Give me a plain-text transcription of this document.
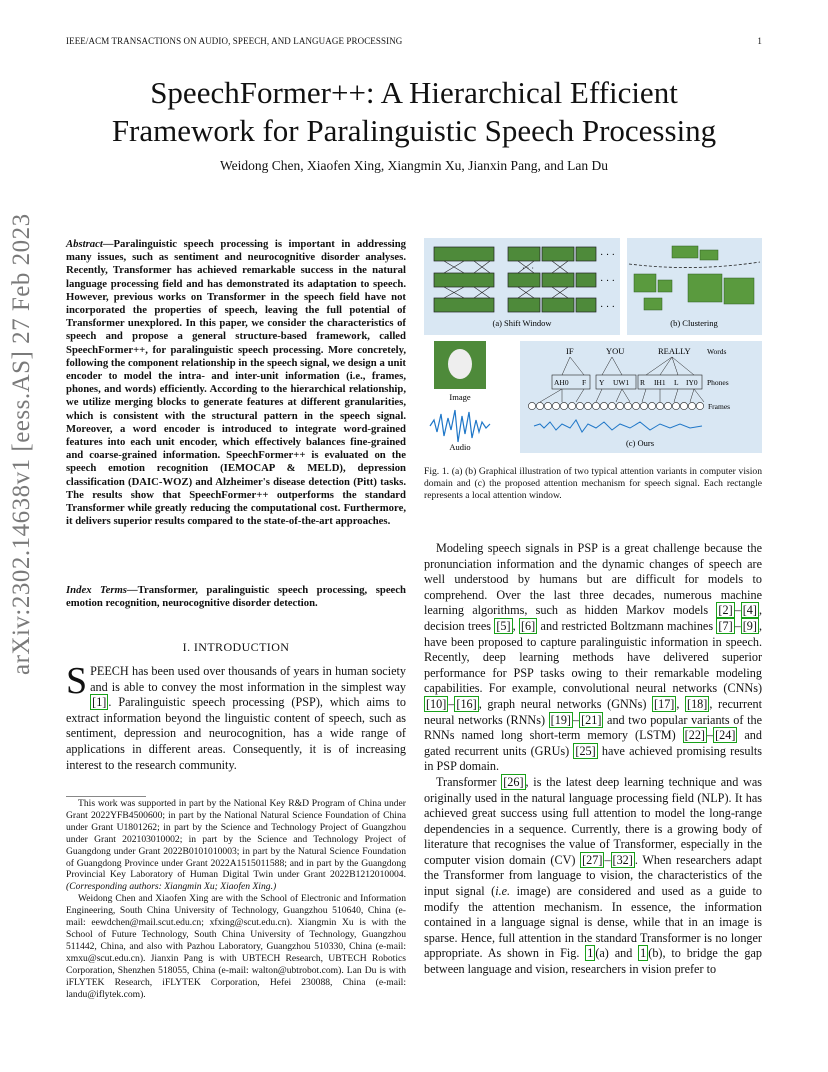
IEEE/ACM TRANSACTIONS ON AUDIO, SPEECH, AND LANGUAGE PROCESSING	1
SpeechFormer++: A Hierarchical Efficient
Framework for Paralinguistic Speech Processing
Weidong Chen, Xiaofen Xing, Xiangmin Xu, Jianxin Pang, and Lan Du
arXiv:2302.14638v1 [eess.AS] 27 Feb 2023	Abstract—Paralinguistic speech processing is important in addressing many issues, such as sentiment and neurocognitive disorder analyses. Recently, Transformer has achieved remarkable success in the natural language processing field and has demonstrated its adaptation to speech. However, previous works on Transformer in the speech field have not incorporated the properties of speech, leaving the full potential of Transformer unexplored. In this paper, we consider the characteristics of speech and propose a general structure-based framework, called SpeechFormer++, for paralinguistic speech processing. More concretely, following the component relationship in the speech signal, we design a unit encoder to model the intra- and inter-unit information (i.e., frames, phones, and words) efficiently. According to the hierarchical relationship, we utilize merging blocks to generate features at different granularities, which is consistent with the structural pattern in the speech signal. Moreover, a word encoder is introduced to integrate word-grained features into each unit encoder, which effectively balances fine-grained and coarse-grained information. SpeechFormer++ is evaluated on the speech emotion recognition (IEMOCAP & MELD), depression classification (DAIC-WOZ) and Alzheimer's disease detection (Pitt) tasks. The results show that SpeechFormer++ outperforms the standard Transformer while greatly reducing the computational cost. Furthermore, it delivers superior results compared to the state-of-the-art approaches.
Index Terms—Transformer, paralinguistic speech processing, speech emotion recognition, neurocognitive disorder detection.
I. INTRODUCTION
SPEECH has been used over thousands of years in human society and is able to convey the most information in the simplest way [1] . Paralinguistic speech processing (PSP), which aims to extract information beyond the linguistic content of speech, such as sentiment, depression and neurocognition, has a wide range of applications in different areas. Consequently, it is of increasing interest to the research community.

This work was supported in part by the National Key R&D Program of China under Grant 2022YFB4500600; in part by the National Natural Science Foundation of China under Grant U1801262; in part by the Science and Technology Project of Guangzhou under Grant 202103010002; in part by the Science and Technology Project of Guangdong under Grant 2022B0101010003; in part by the Natural Science Foundation of Guangdong Province under Grant 2022A1515011588; and in part by the Guangdong Provincial Key Laboratory of Human Digital Twin under Grant 2022B1212010004. (Corresponding authors: Xiangmin Xu; Xiaofen Xing.)

Weidong Chen and Xiaofen Xing are with the School of Electronic and Information Engineering, South China University of Technology, Guangzhou 510640, China (e-mail: eewdchen@mail.scut.edu.cn; xfxing@scut.edu.cn). Xiangmin Xu is with the School of Future Technology, South China University of Technology, Guangzhou 511442, China, and also with Pazhou Laboratory, Guangzhou 510330, China (e-mail: xmxu@scut.edu.cn). Jianxin Pang is with UBTECH Research, UBTECH Robotics Corporation, Shenzhen 518055, China (e-mail: walton@ubtrobot.com). Lan Du is with iFLYTEK Research, iFLYTEK Corporation, Hefei 230088, China (e-mail: landu@iflytek.com).

· · ·
· · ·
· · ·
· · ·
(a) Shift Window	(b) Clustering
Image
Audio
IF	YOU	REALLY Words
AH0 F Y UW1 R IH1 L IY0 Phones
Frames
(c) Ours
Fig. 1. (a) (b) Graphical illustration of two typical attention variants in computer vision domain and (c) the proposed attention mechanism for speech signal. Each rectangle represents a local attention window.

Modeling speech signals in PSP is a great challenge because the pronunciation information and the dynamic changes of speech are well understood by humans but are difficult for models to comprehend. Over the last three decades, numerous machine learning algorithms, such as hidden Markov models [2] – [4] , decision trees [5] , [6] and restricted Boltzmann machines [7] – [9] , have been proposed to capture paralinguistic information in speech. Recently, deep learning methods have delivered superior performance for PSP tasks owing to their remarkable modeling capabilities. For example, convolutional neural networks (CNNs) [10] – [16] , graph neural networks (GNNs) [17] , [18] , recurrent neural networks (RNNs) [19] – [21] and two popular variants of the RNNs named long short-term memory (LSTM) [22] – [24] and gated recurrent units (GRUs) [25] have achieved promising results in PSP domain.

Transformer [26] , is the latest deep learning technique and was originally used in the natural language processing field (NLP). It has achieved great success using full attention to model the long-range dependencies in a sequence. Currently, there is a growing body of literature that recognises the value of Transformer, especially in the computer vision domain (CV) [27] – [32] . When researchers adapt the Transformer from language to vision, the characteristics of the input signal (i.e. image) are considered and used as a guide to modify the attention mechanism. In essence, the information contained in a language signal is dense, while that in an image is sparse. Hence, full attention in the standard Transformer is no longer appropriate. As shown in Fig. 1 (a) and 1 (b), to bridge the gap between language and vision, researchers in vision prefer to
